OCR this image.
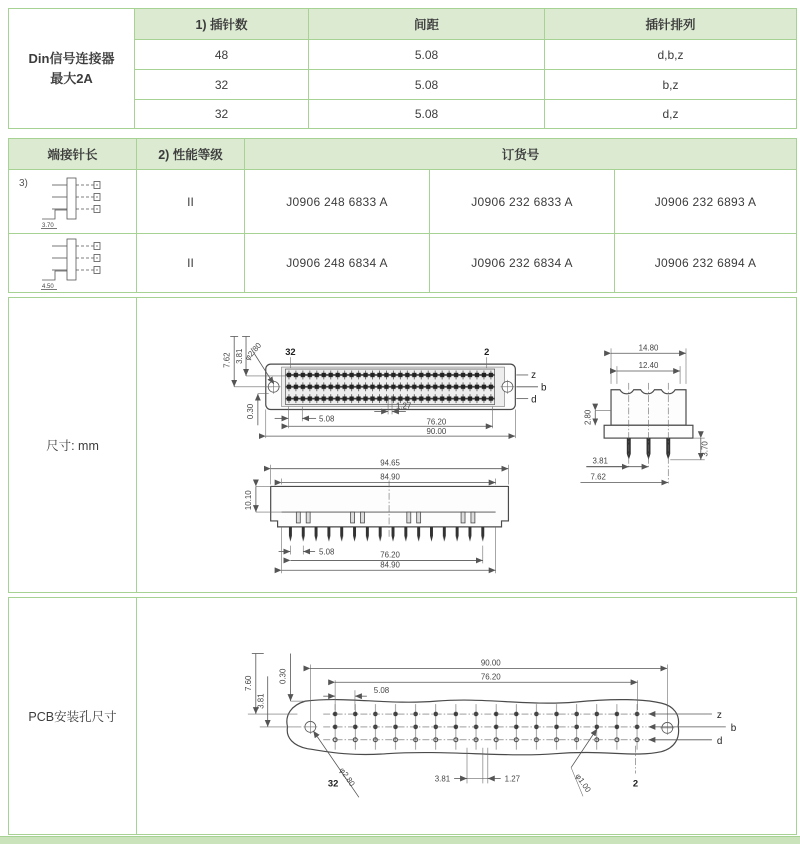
Din信号连接器
最大2A
1) 插针数	间距	插针排列
48	5.08	d,b,z
32	5.08	b,z
32	5.08	d,z
端接针长	2) 性能等级	订货号
3)
3.70
II	J0906 248 6833 A	J0906 232 6833 A	J0906 232 6893 A
4.50
II	J0906 248 6834 A	J0906 232 6834 A	J0906 232 6894 A
尺寸: mm
7.62 3.81
φ2.80
0.30
32	2
5.08
1.27
76.20
90.00
z
b
d
14.80
12.40
2.80
3.81
7.62
3.70
94.65
84.90
10.10
5.08	76.20
84.90
PCB安装孔尺寸
90.00
76.20
5.08
7.60
3.81
0.30
32	2
φ2.80	φ1.00
3.81	1.27
z
b
d
